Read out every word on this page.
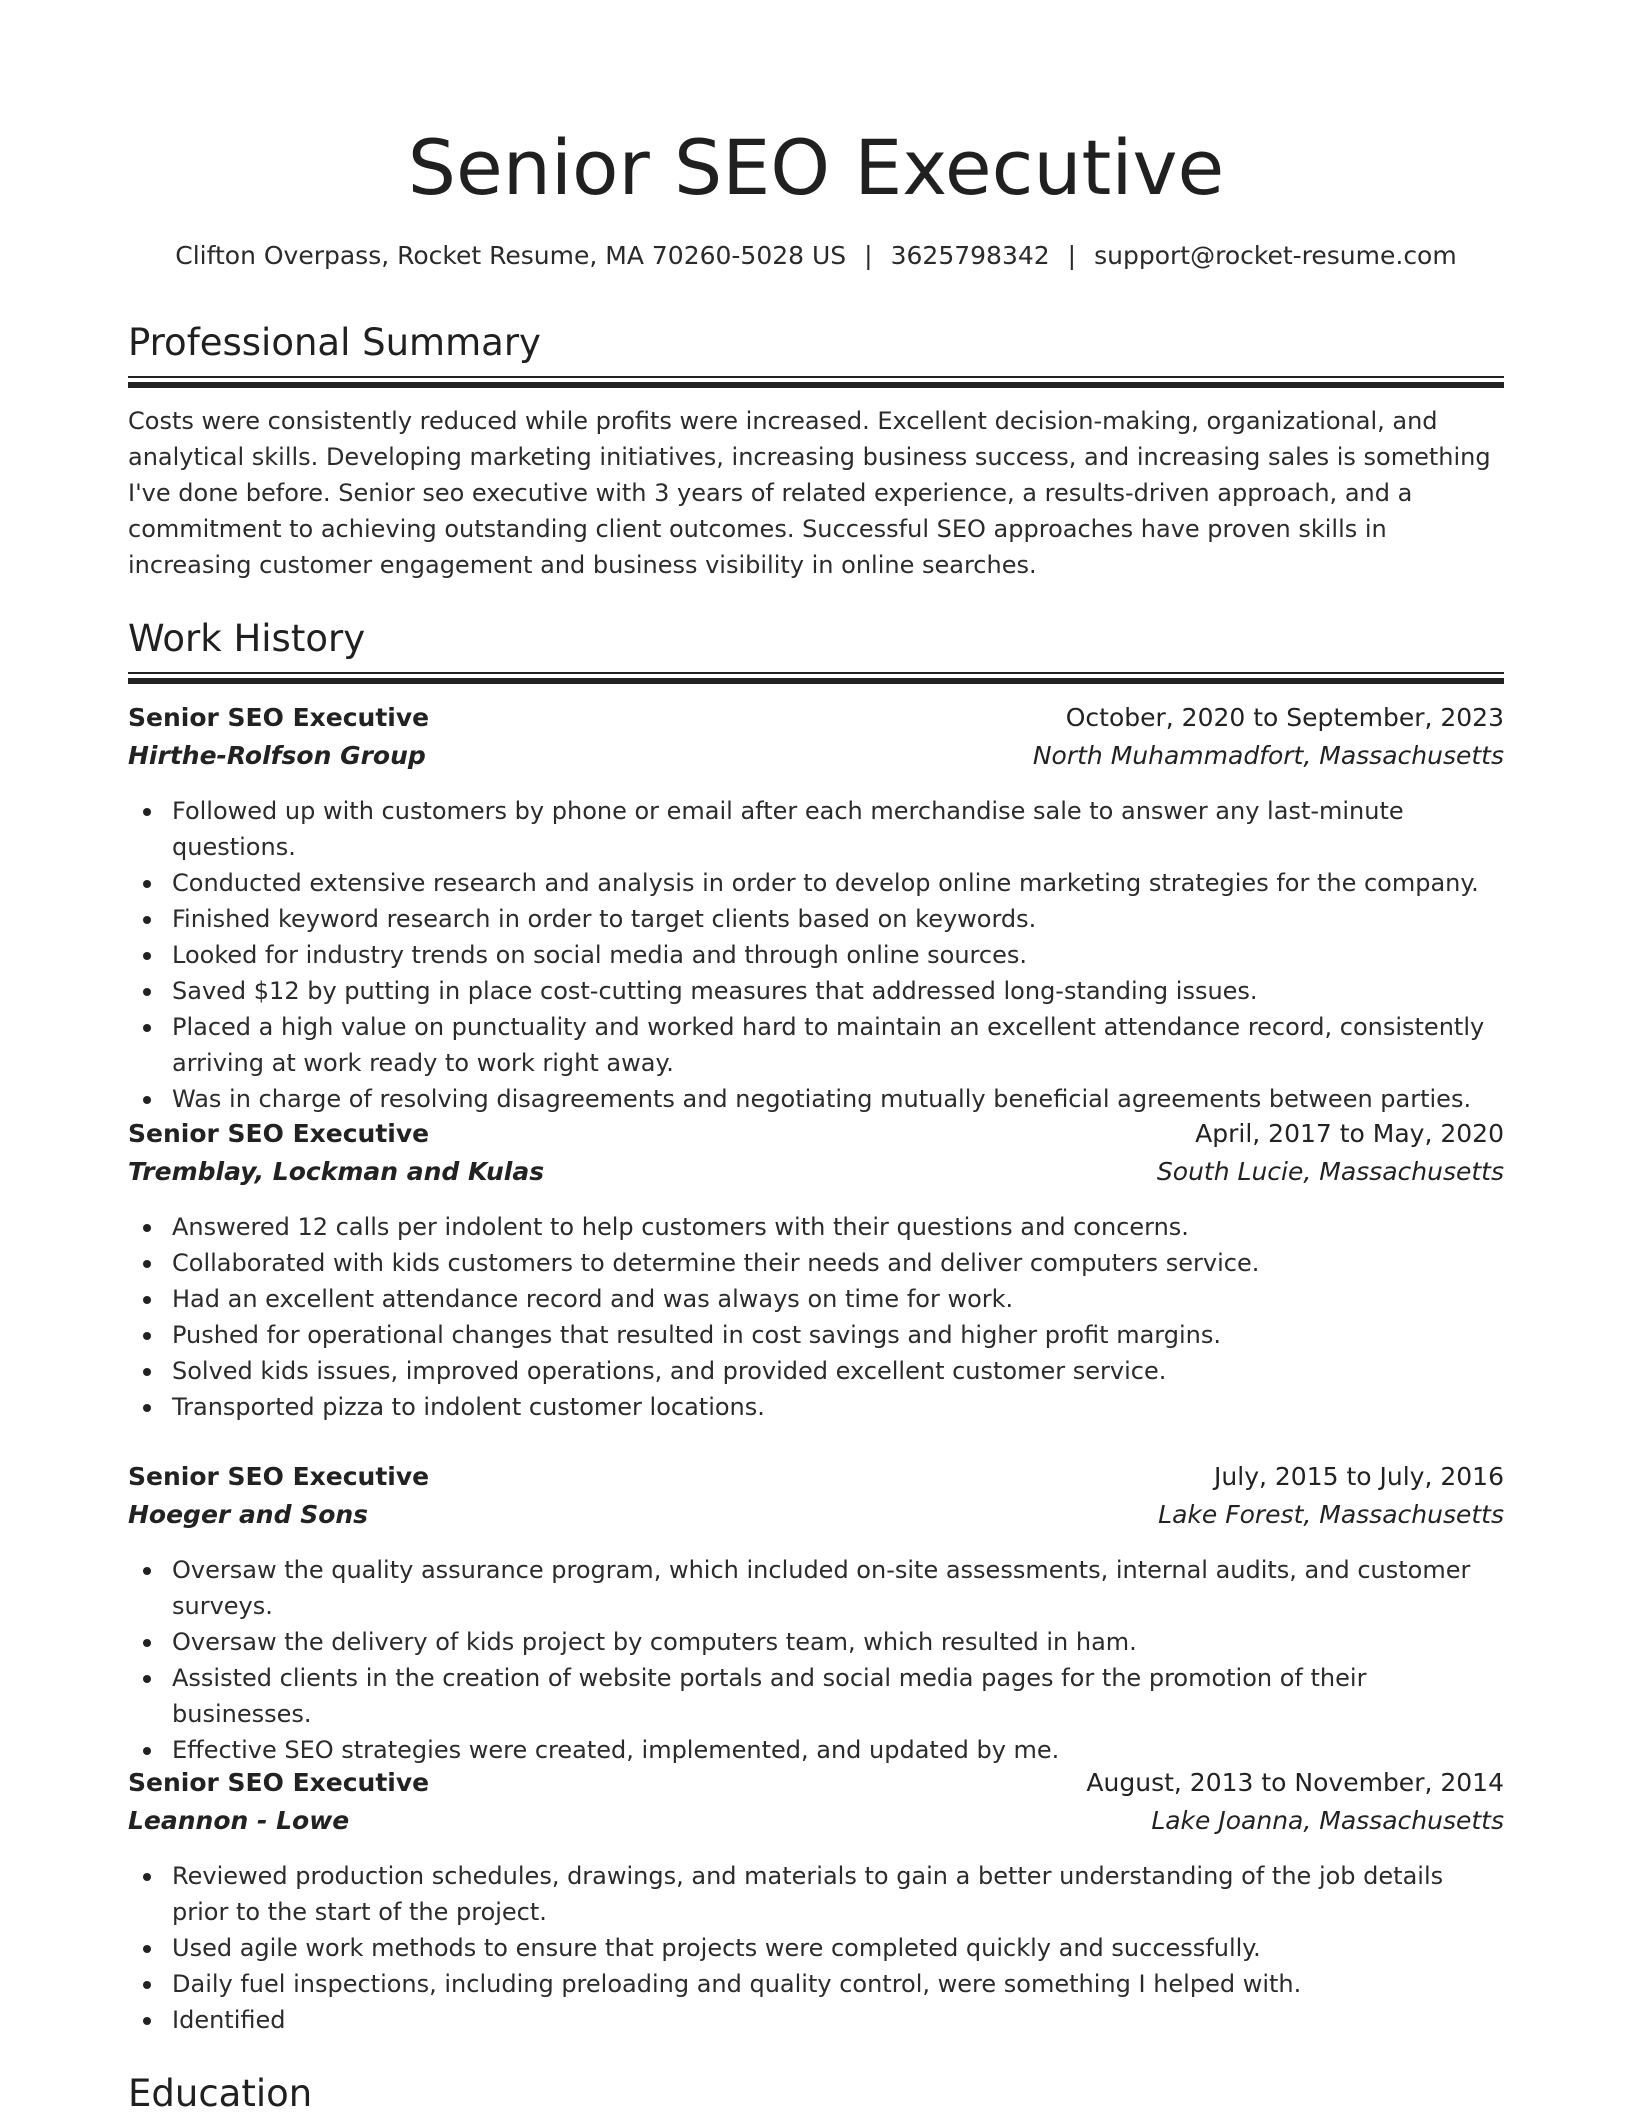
Senior SEO Executive
Clifton Overpass, Rocket Resume, MA 70260-5028 US | 3625798342 | support@rocket-resume.com
Professional Summary

Costs were consistently reduced while profits were increased. Excellent decision-making, organizational, and analytical skills. Developing marketing initiatives, increasing business success, and increasing sales is something I've done before. Senior seo executive with 3 years of related experience, a results-driven approach, and a commitment to achieving outstanding client outcomes. Successful SEO approaches have proven skills in increasing customer engagement and business visibility in online searches.

Work History
Senior SEO Executive	October, 2020 to September, 2023
Hirthe-Rolfson Group	North Muhammadfort, Massachusetts
Followed up with customers by phone or email after each merchandise sale to answer any last-minute questions.
Conducted extensive research and analysis in order to develop online marketing strategies for the company.
Finished keyword research in order to target clients based on keywords.
Looked for industry trends on social media and through online sources.
Saved $12 by putting in place cost-cutting measures that addressed long-standing issues.
Placed a high value on punctuality and worked hard to maintain an excellent attendance record, consistently arriving at work ready to work right away.
Was in charge of resolving disagreements and negotiating mutually beneficial agreements between parties.
Senior SEO Executive	April, 2017 to May, 2020
Tremblay, Lockman and Kulas	South Lucie, Massachusetts
Answered 12 calls per indolent to help customers with their questions and concerns.
Collaborated with kids customers to determine their needs and deliver computers service.
Had an excellent attendance record and was always on time for work.
Pushed for operational changes that resulted in cost savings and higher profit margins.
Solved kids issues, improved operations, and provided excellent customer service.
Transported pizza to indolent customer locations.
Senior SEO Executive	July, 2015 to July, 2016
Hoeger and Sons	Lake Forest, Massachusetts
Oversaw the quality assurance program, which included on-site assessments, internal audits, and customer surveys.
Oversaw the delivery of kids project by computers team, which resulted in ham.
Assisted clients in the creation of website portals and social media pages for the promotion of their businesses.
Effective SEO strategies were created, implemented, and updated by me.
Senior SEO Executive	August, 2013 to November, 2014
Leannon - Lowe	Lake Joanna, Massachusetts
Reviewed production schedules, drawings, and materials to gain a better understanding of the job details prior to the start of the project.
Used agile work methods to ensure that projects were completed quickly and successfully.
Daily fuel inspections, including preloading and quality control, were something I helped with.
Identified
Education
